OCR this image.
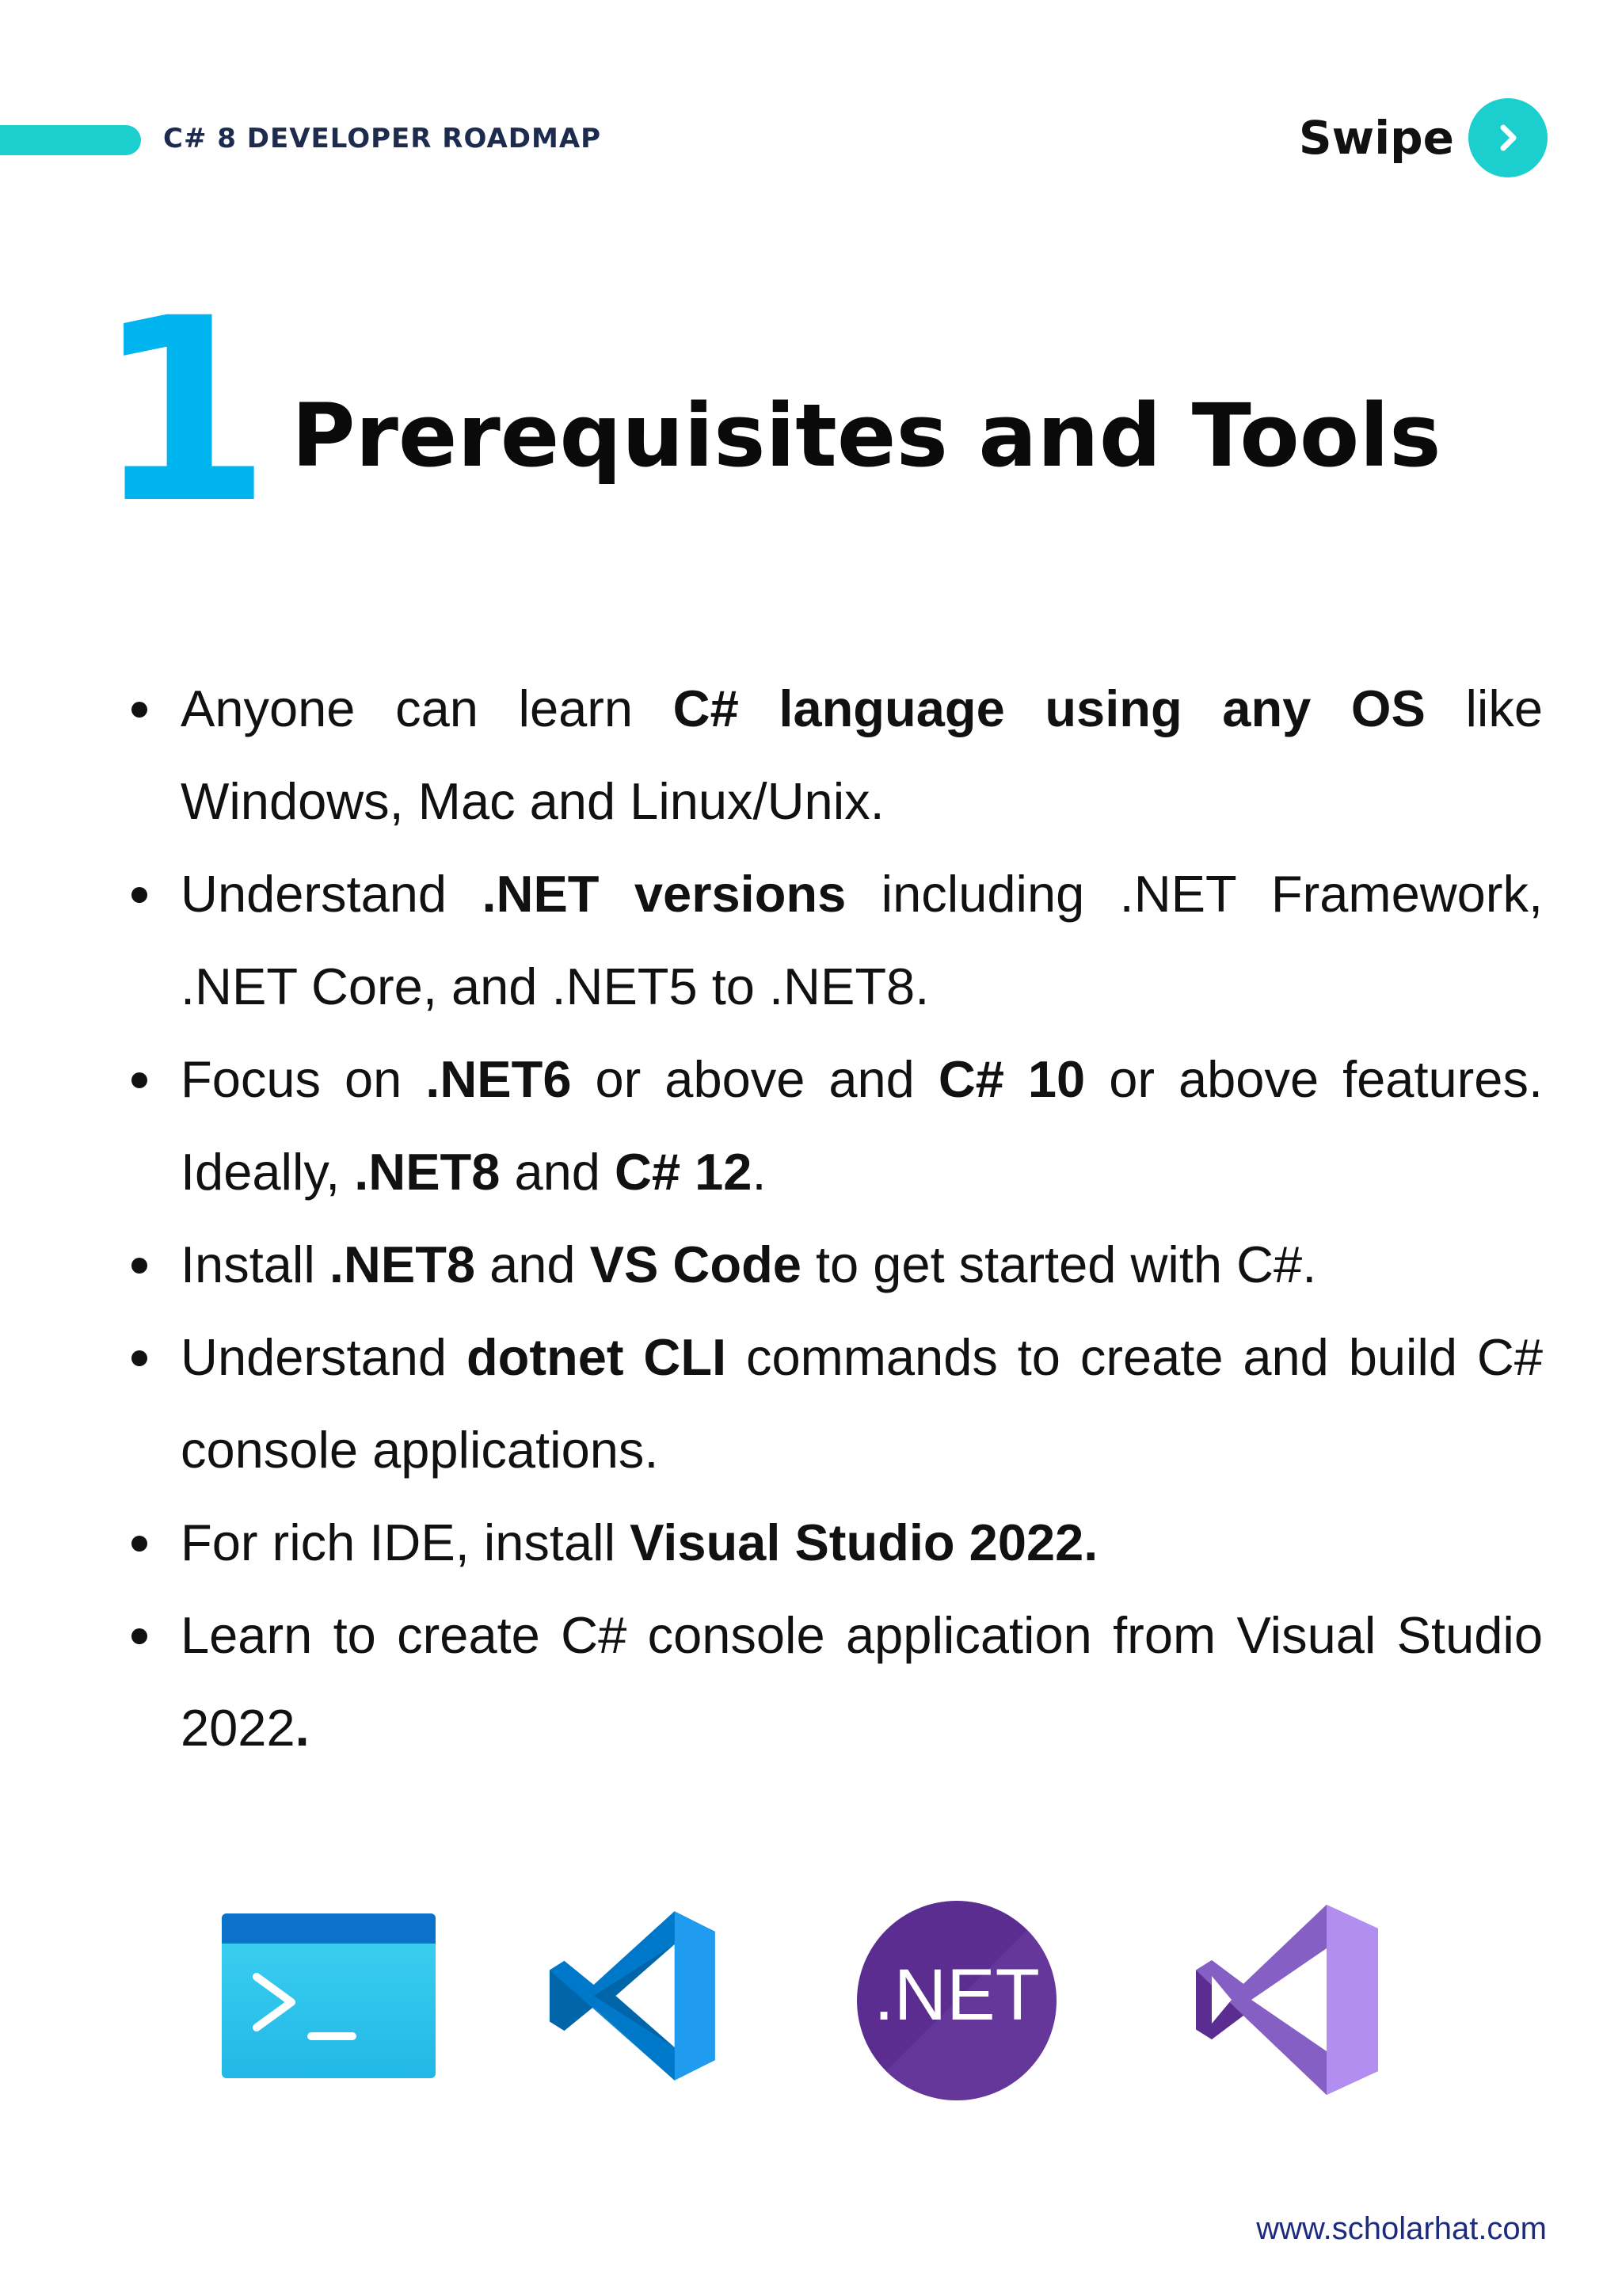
C# 8 DEVELOPER ROADMAP	Swipe
1 Prerequisites and Tools
Anyone can learn C# language using any OS like Windows, Mac and Linux/Unix.
Understand .NET versions including .NET Framework, .NET Core, and .NET5 to .NET8.
Focus on .NET6 or above and C# 10 or above features. Ideally, .NET8 and C# 12.
Install .NET8 and VS Code to get started with C#.
Understand dotnet CLI commands to create and build C# console applications.
For rich IDE, install Visual Studio 2022.
Learn to create C# console application from Visual Studio 2022.
.NET
www.scholarhat.com
